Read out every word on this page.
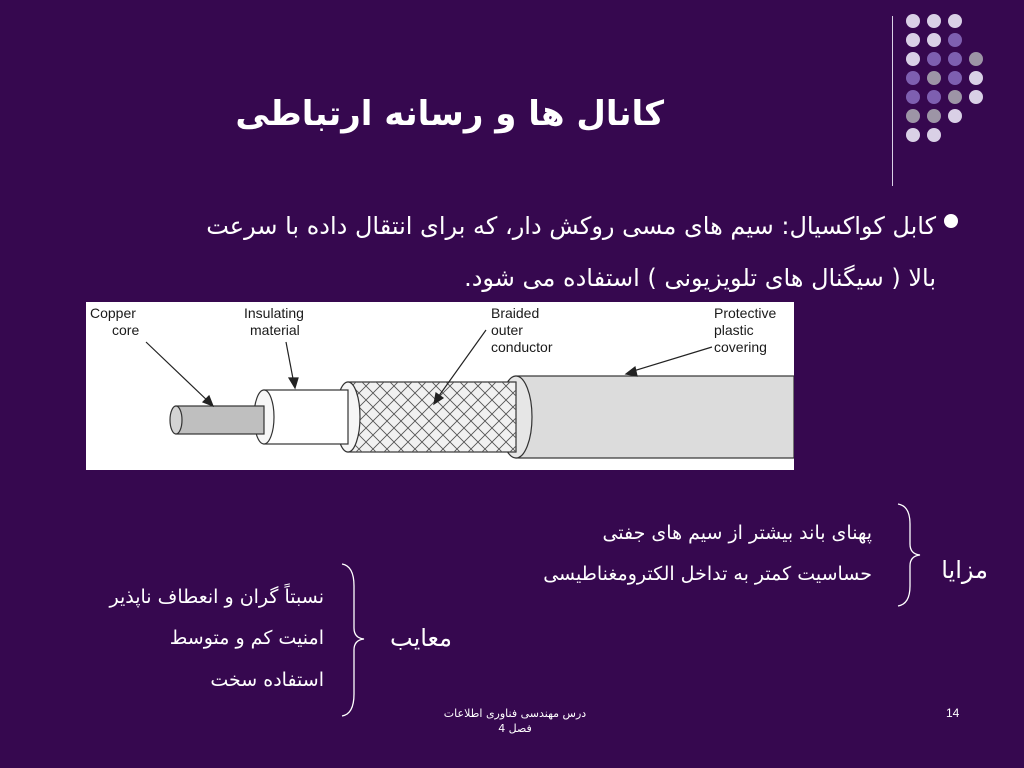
کانال ها و رسانه ارتباطی
کابل کواکسیال: سیم های مسی روکش دار، که برای انتقال داده با سرعت
بالا ( سیگنال های تلویزیونی ) استفاده می شود.
Copper
core
Insulating
material
Braided
outer
conductor
Protective
plastic
covering
مزایا
پهنای باند بیشتر از سیم های جفتی
حساسیت کمتر به تداخل الکترومغناطیسی
معایب
نسبتاً گران و انعطاف ناپذیر
امنیت کم و متوسط
استفاده سخت
درس مهندسی فناوری اطلاعات
فصل 4
14
